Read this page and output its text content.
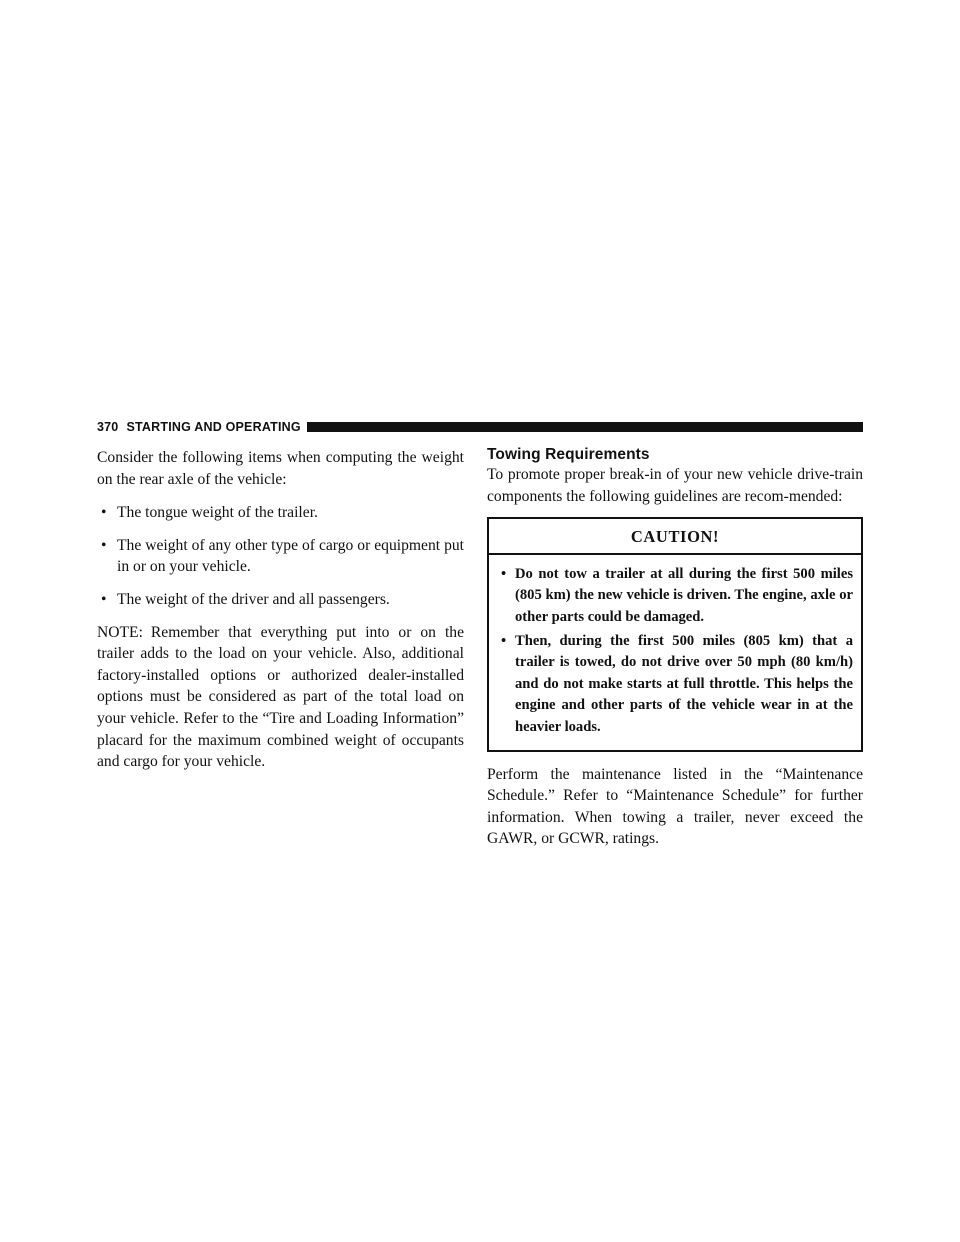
370 STARTING AND OPERATING

Consider the following items when computing the weight on the rear axle of the vehicle:

• The tongue weight of the trailer.
• The weight of any other type of cargo or equipment put in or on your vehicle.
• The weight of the driver and all passengers.

NOTE: Remember that everything put into or on the trailer adds to the load on your vehicle. Also, additional factory-installed options or authorized dealer-installed options must be considered as part of the total load on your vehicle. Refer to the “Tire and Loading Information” placard for the maximum combined weight of occupants and cargo for your vehicle.

Towing Requirements

To promote proper break-in of your new vehicle drive-train components the following guidelines are recom-mended:

CAUTION!
• Do not tow a trailer at all during the first 500 miles (805 km) the new vehicle is driven. The engine, axle or other parts could be damaged.
• Then, during the first 500 miles (805 km) that a trailer is towed, do not drive over 50 mph (80 km/h) and do not make starts at full throttle. This helps the engine and other parts of the vehicle wear in at the heavier loads.

Perform the maintenance listed in the “Maintenance Schedule.” Refer to “Maintenance Schedule” for further information. When towing a trailer, never exceed the GAWR, or GCWR, ratings.
